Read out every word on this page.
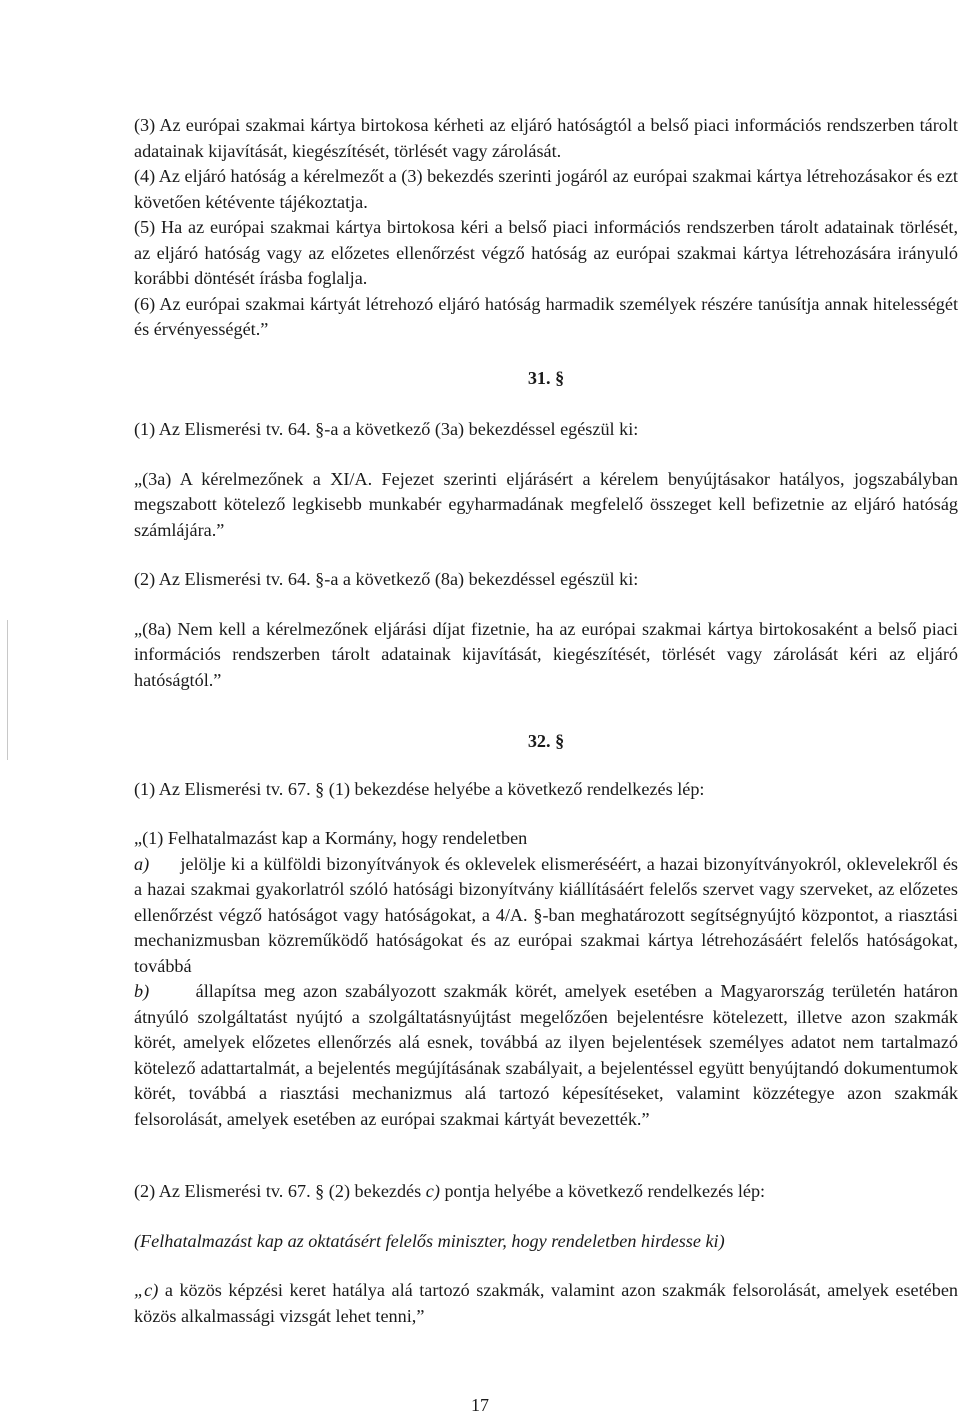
(3) Az európai szakmai kártya birtokosa kérheti az eljáró hatóságtól a belső piaci információs rendszerben tárolt adatainak kijavítását, kiegészítését, törlését vagy zárolását.

(4) Az eljáró hatóság a kérelmezőt a (3) bekezdés szerinti jogáról az európai szakmai kártya létrehozásakor és ezt követően kétévente tájékoztatja.

(5) Ha az európai szakmai kártya birtokosa kéri a belső piaci információs rendszerben tárolt adatainak törlését, az eljáró hatóság vagy az előzetes ellenőrzést végző hatóság az európai szakmai kártya létrehozására irányuló korábbi döntését írásba foglalja.

(6) Az európai szakmai kártyát létrehozó eljáró hatóság harmadik személyek részére tanúsítja annak hitelességét és érvényességét.”

31. §

(1) Az Elismerési tv. 64. §-a a következő (3a) bekezdéssel egészül ki:

„(3a) A kérelmezőnek a XI/A. Fejezet szerinti eljárásért a kérelem benyújtásakor hatályos, jogszabályban megszabott kötelező legkisebb munkabér egyharmadának megfelelő összeget kell befizetnie az eljáró hatóság számlájára.”

(2) Az Elismerési tv. 64. §-a a következő (8a) bekezdéssel egészül ki:

„(8a) Nem kell a kérelmezőnek eljárási díjat fizetnie, ha az európai szakmai kártya birtokosaként a belső piaci információs rendszerben tárolt adatainak kijavítását, kiegészítését, törlését vagy zárolását kéri az eljáró hatóságtól.”

32. §

(1) Az Elismerési tv. 67. § (1) bekezdése helyébe a következő rendelkezés lép:

„(1) Felhatalmazást kap a Kormány, hogy rendeletben

a) jelölje ki a külföldi bizonyítványok és oklevelek elismeréséért, a hazai bizonyítványokról, oklevelekről és a hazai szakmai gyakorlatról szóló hatósági bizonyítvány kiállításáért felelős szervet vagy szerveket, az előzetes ellenőrzést végző hatóságot vagy hatóságokat, a 4/A. §-ban meghatározott segítségnyújtó központot, a riasztási mechanizmusban közreműködő hatóságokat és az európai szakmai kártya létrehozásáért felelős hatóságokat, továbbá

b)	állapítsa meg azon szabályozott szakmák körét, amelyek esetében a Magyarország területén határon átnyúló szolgáltatást nyújtó a szolgáltatásnyújtást megelőzően bejelentésre kötelezett, illetve azon szakmák körét, amelyek előzetes ellenőrzés alá esnek, továbbá az ilyen bejelentések személyes adatot nem tartalmazó kötelező adattartalmát, a bejelentés megújításának szabályait, a bejelentéssel együtt benyújtandó dokumentumok körét, továbbá a riasztási mechanizmus alá tartozó képesítéseket, valamint közzétegye azon szakmák felsorolását, amelyek esetében az európai szakmai kártyát bevezették.”

(2) Az Elismerési tv. 67. § (2) bekezdés c) pontja helyébe a következő rendelkezés lép:

(Felhatalmazást kap az oktatásért felelős miniszter, hogy rendeletben hirdesse ki)

„c) a közös képzési keret hatálya alá tartozó szakmák, valamint azon szakmák felsorolását, amelyek esetében közös alkalmassági vizsgát lehet tenni,”

17
